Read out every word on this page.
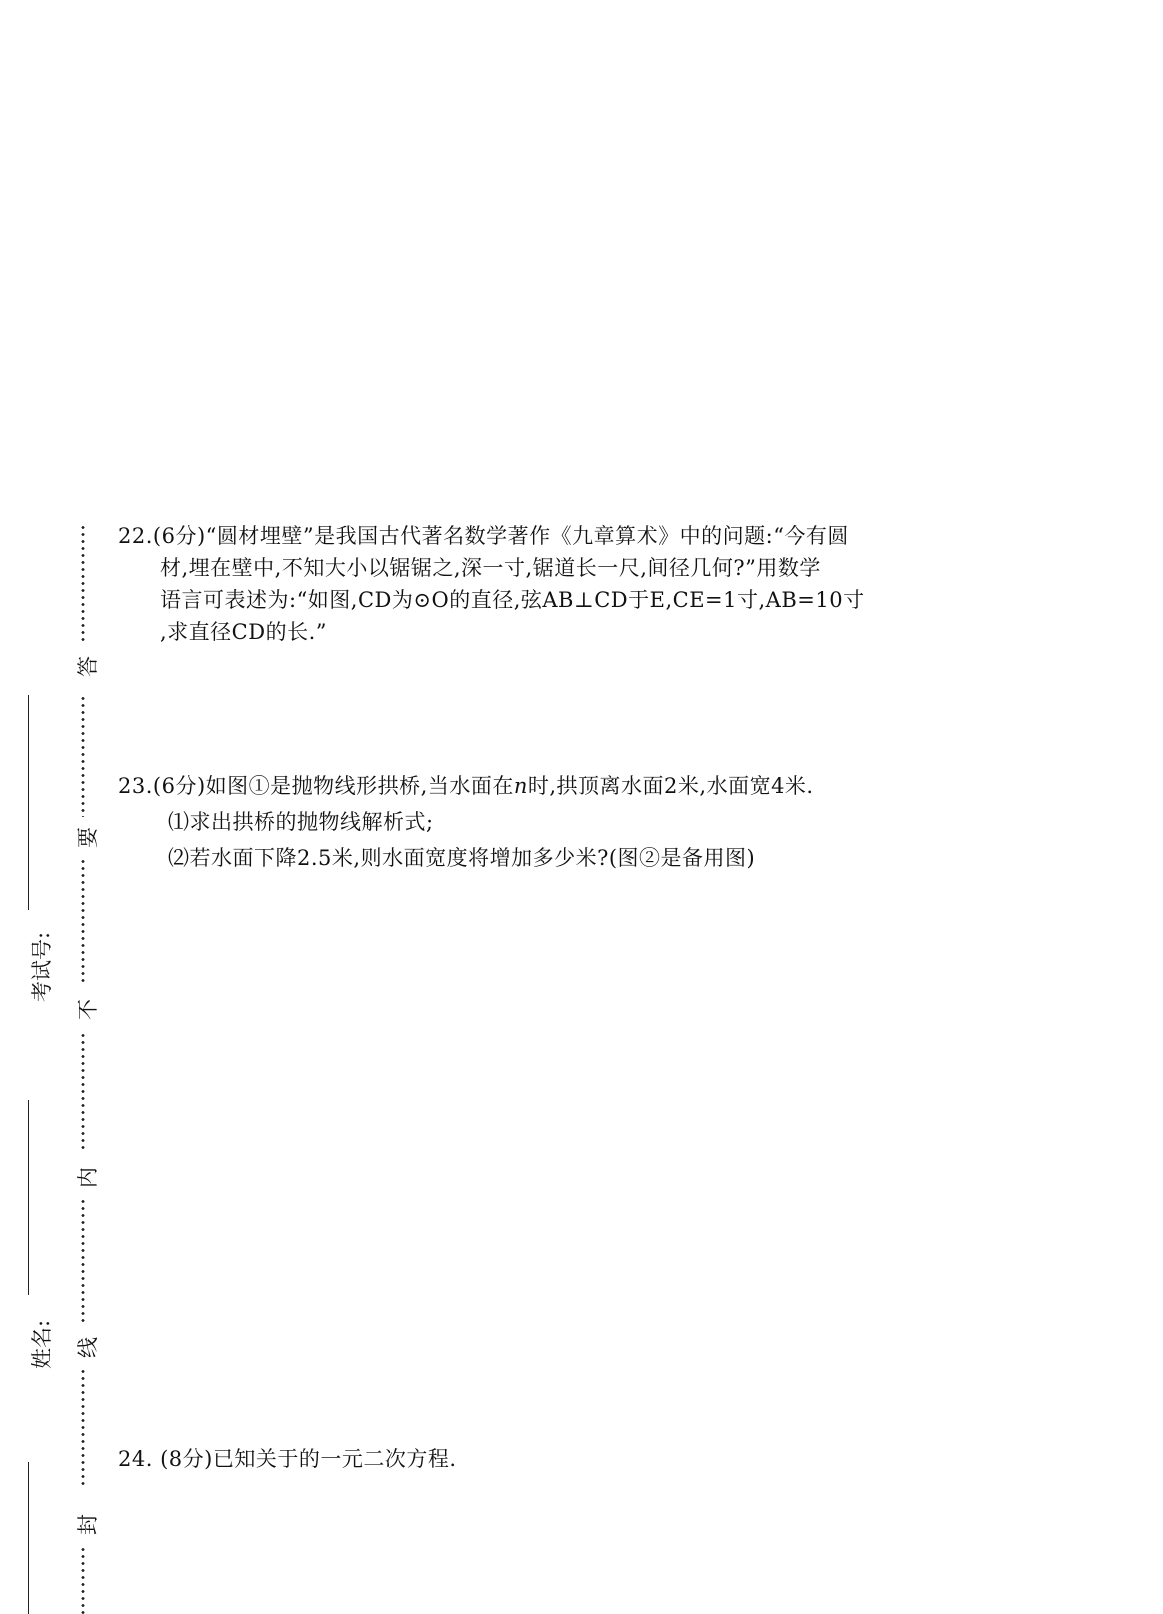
考试号:
姓名:
答
要
不
内
线
封
22.(6分)“圆材埋壁”是我国古代著名数学著作《九章算术》中的问题:“今有圆
材,埋在壁中,不知大小以锯锯之,深一寸,锯道长一尺,间径几何?”用数学
语言可表述为:“如图,CD为⊙O的直径,弦AB⊥CD于E,CE=1寸,AB=10寸
,求直径CD的长.”
23.(6分)如图①是抛物线形拱桥,当水面在n时,拱顶离水面2米,水面宽4米.
⑴求出拱桥的抛物线解析式;
⑵若水面下降2.5米,则水面宽度将增加多少米?(图②是备用图)
24. (8分)已知关于的一元二次方程.
